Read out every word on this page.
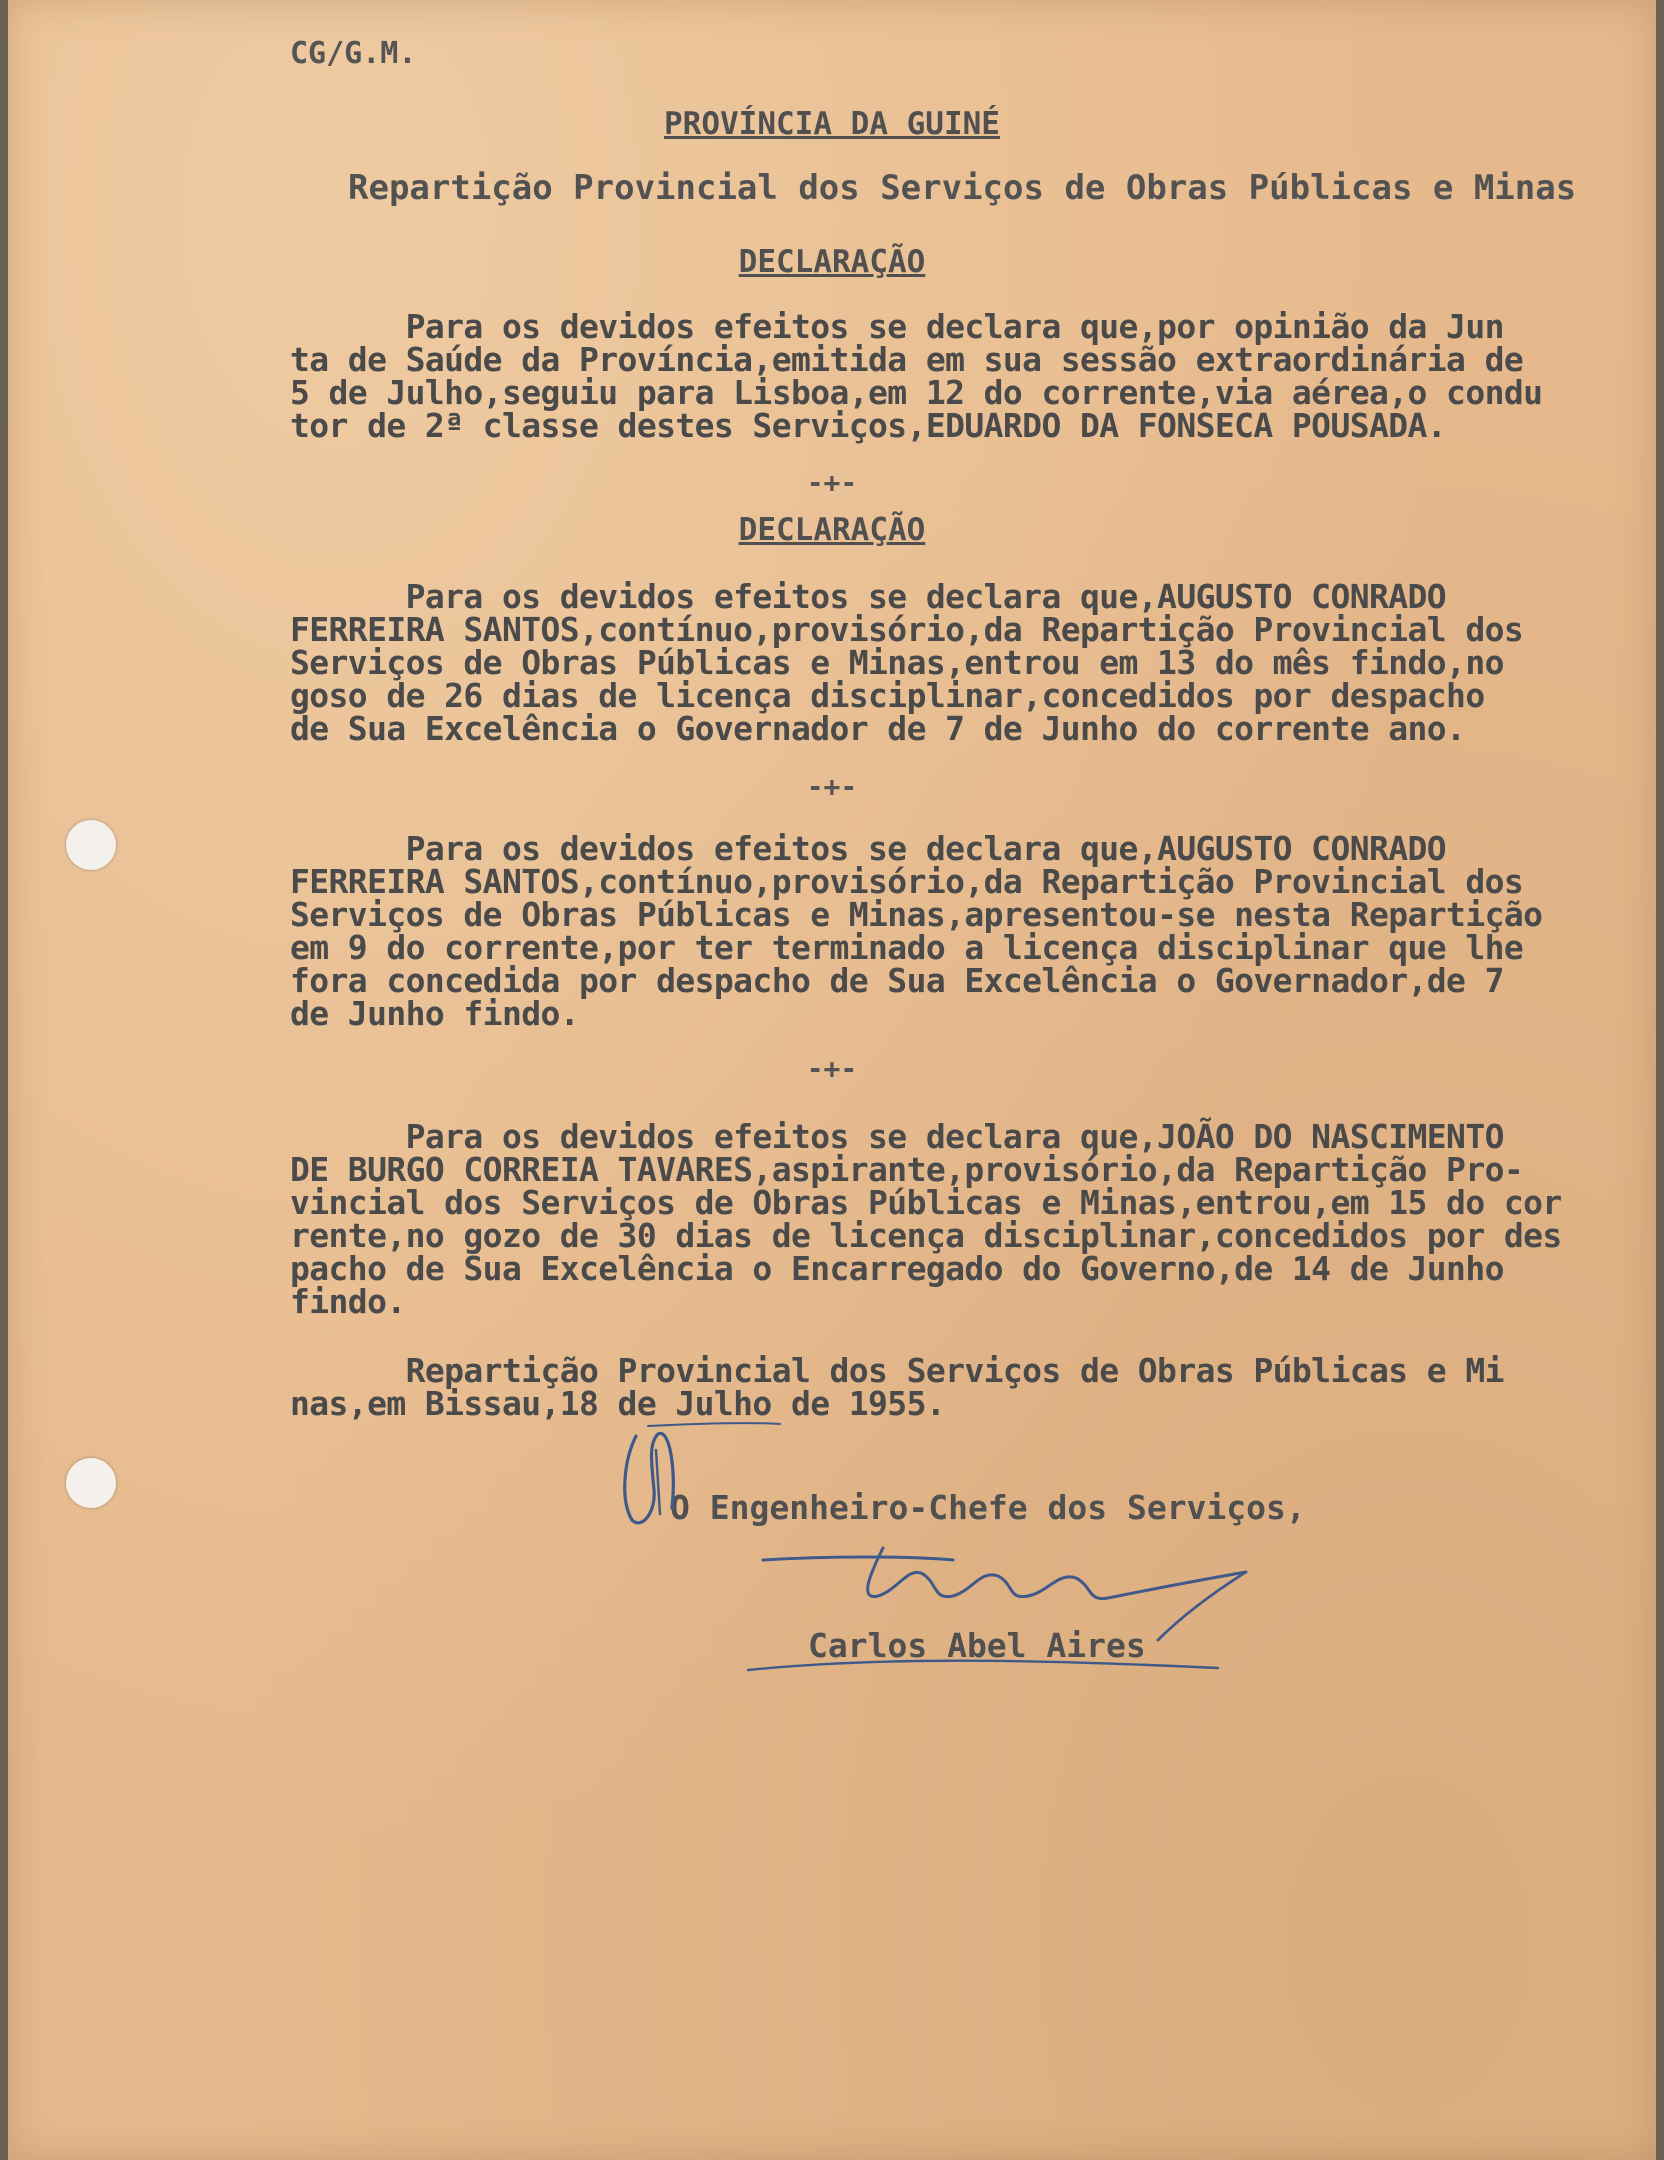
CG/G.M.
PROVÍNCIA DA GUINÉ
Repartição Provincial dos Serviços de Obras Públicas e Minas
DECLARAÇÃO
Para os devidos efeitos se declara que,por opinião da Jun
ta de Saúde da Província,emitida em sua sessão extraordinária de
5 de Julho,seguiu para Lisboa,em 12 do corrente,via aérea,o condu
tor de 2ª classe destes Serviços,EDUARDO DA FONSECA POUSADA.
-+-
DECLARAÇÃO
Para os devidos efeitos se declara que,AUGUSTO CONRADO
FERREIRA SANTOS,contínuo,provisório,da Repartição Provincial dos
Serviços de Obras Públicas e Minas,entrou em 13 do mês findo,no
goso de 26 dias de licença disciplinar,concedidos por despacho
de Sua Excelência o Governador de 7 de Junho do corrente ano.
-+-
Para os devidos efeitos se declara que,AUGUSTO CONRADO
FERREIRA SANTOS,contínuo,provisório,da Repartição Provincial dos
Serviços de Obras Públicas e Minas,apresentou-se nesta Repartição
em 9 do corrente,por ter terminado a licença disciplinar que lhe
fora concedida por despacho de Sua Excelência o Governador,de 7
de Junho findo.
-+-
Para os devidos efeitos se declara que,JOÃO DO NASCIMENTO
DE BURGO CORREIA TAVARES,aspirante,provisório,da Repartição Pro-
vincial dos Serviços de Obras Públicas e Minas,entrou,em 15 do cor
rente,no gozo de 30 dias de licença disciplinar,concedidos por des
pacho de Sua Excelência o Encarregado do Governo,de 14 de Junho
findo.
Repartição Provincial dos Serviços de Obras Públicas e Mi
nas,em Bissau,18 de Julho de 1955.
O Engenheiro-Chefe dos Serviços,
Carlos Abel Aires
